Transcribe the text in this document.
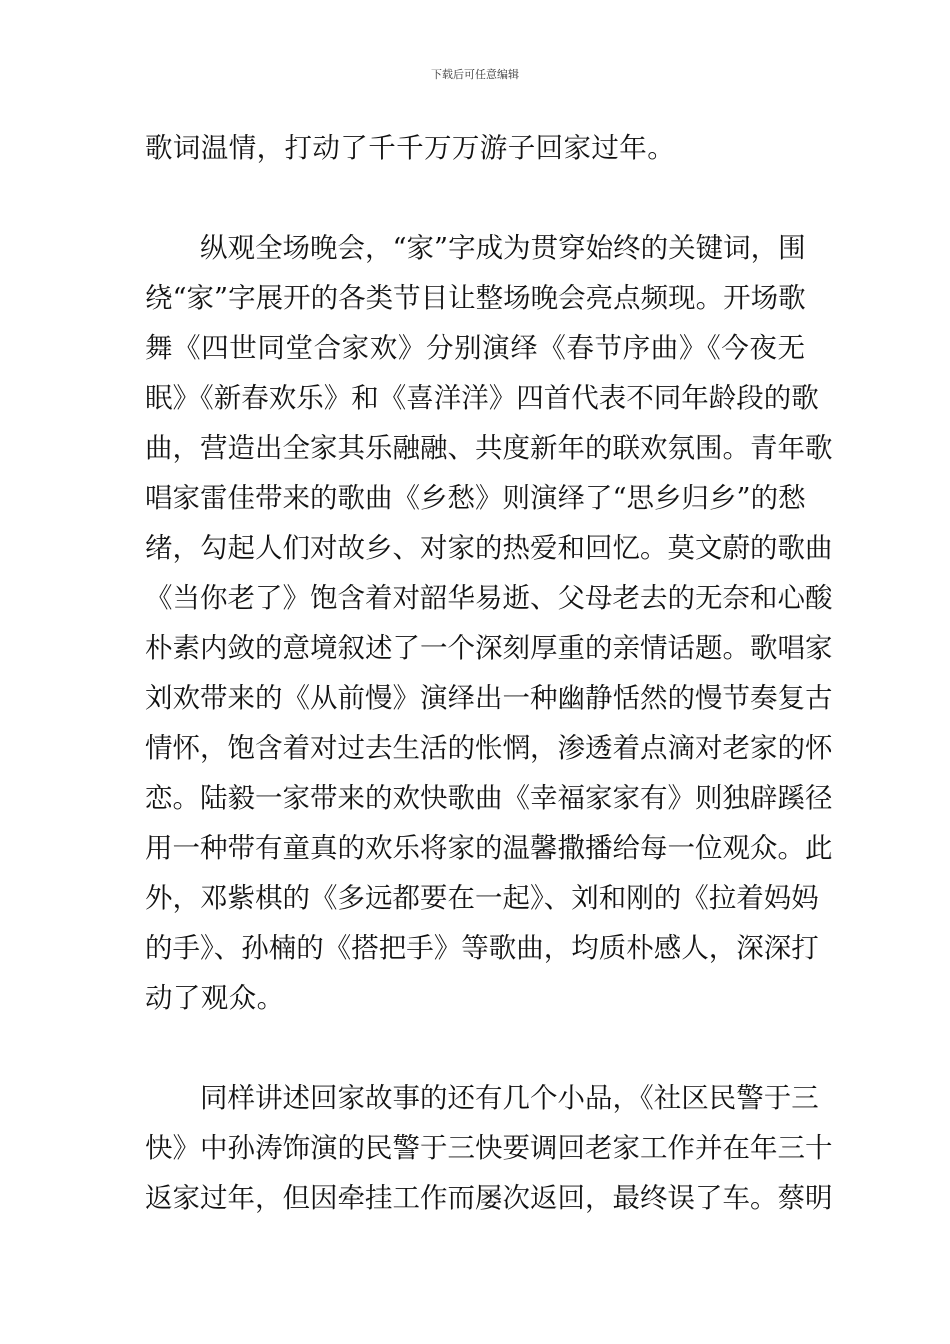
下载后可任意编辑
歌词温情，打动了千千万万游子回家过年。
纵观全场晚会，“家”字成为贯穿始终的关键词，围
绕“家”字展开的各类节目让整场晚会亮点频现。开场歌
舞《四世同堂合家欢》分别演绎《春节序曲》《今夜无
眠》《新春欢乐》和《喜洋洋》四首代表不同年龄段的歌
曲，营造出全家其乐融融、共度新年的联欢氛围。青年歌
唱家雷佳带来的歌曲《乡愁》则演绎了“思乡归乡”的愁
绪，勾起人们对故乡、对家的热爱和回忆。莫文蔚的歌曲
《当你老了》饱含着对韶华易逝、父母老去的无奈和心酸
朴素内敛的意境叙述了一个深刻厚重的亲情话题。歌唱家
刘欢带来的《从前慢》演绎出一种幽静恬然的慢节奏复古
情怀，饱含着对过去生活的怅惘，渗透着点滴对老家的怀
恋。陆毅一家带来的欢快歌曲《幸福家家有》则独辟蹊径
用一种带有童真的欢乐将家的温馨撒播给每一位观众。此
外，邓紫棋的《多远都要在一起》、刘和刚的《拉着妈妈
的手》、孙楠的《搭把手》等歌曲，均质朴感人，深深打
动了观众。
同样讲述回家故事的还有几个小品，《社区民警于三
快》中孙涛饰演的民警于三快要调回老家工作并在年三十
返家过年，但因牵挂工作而屡次返回，最终误了车。蔡明
